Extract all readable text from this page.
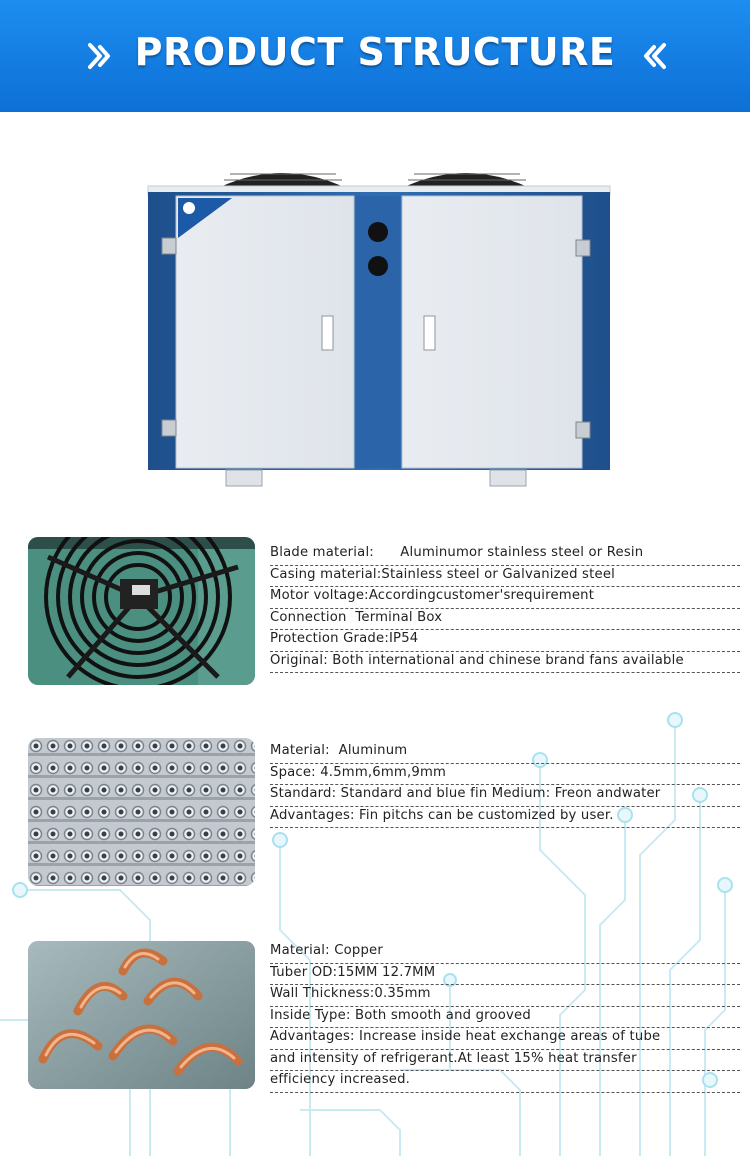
PRODUCT STRUCTURE
Blade material:      Aluminumor stainless steel or Resin
Casing material:Stainless steel or Galvanized steel
Motor voltage:Accordingcustomer'srequirement
Connection  Terminal Box
Protection Grade:IP54
Original: Both international and chinese brand fans available
Material:  Aluminum
Space: 4.5mm,6mm,9mm
Standard: Standard and blue fin Medium: Freon andwater
Advantages: Fin pitchs can be customized by user.
Material: Copper
Tuber OD:15MM 12.7MM
Wall Thickness:0.35mm
Inside Type: Both smooth and grooved
Advantages: Increase inside heat exchange areas of tube
and intensity of refrigerant.At least 15% heat transfer
efficiency increased.
